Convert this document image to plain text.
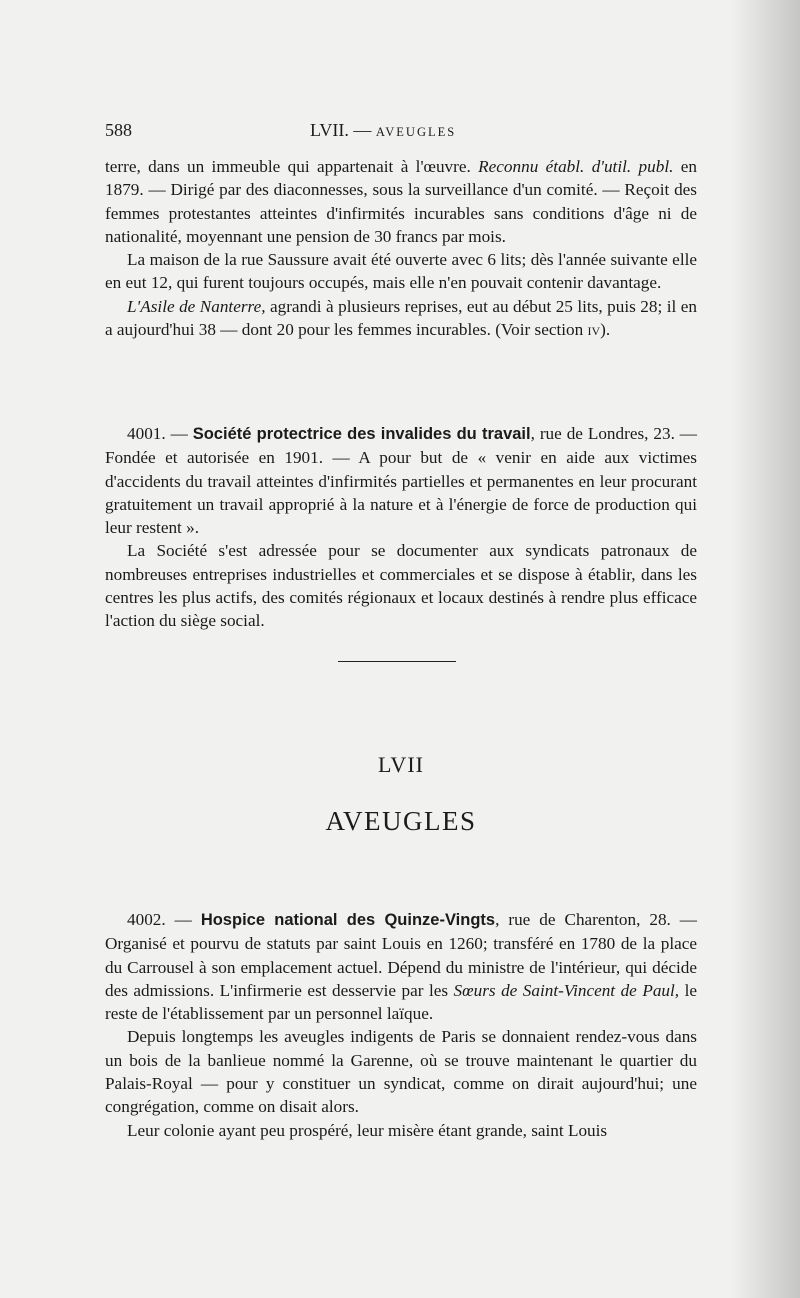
588	LVII. — AVEUGLES

terre, dans un immeuble qui appartenait à l'œuvre. Reconnu établ. d'util. publ. en 1879. — Dirigé par des diaconnesses, sous la surveillance d'un comité. — Reçoit des femmes protestantes atteintes d'infirmités incurables sans conditions d'âge ni de nationalité, moyennant une pension de 30 francs par mois.

La maison de la rue Saussure avait été ouverte avec 6 lits; dès l'année suivante elle en eut 12, qui furent toujours occupés, mais elle n'en pouvait contenir davantage.

L'Asile de Nanterre, agrandi à plusieurs reprises, eut au début 25 lits, puis 28; il en a aujourd'hui 38 — dont 20 pour les femmes incurables. (Voir section iv).

4001. — Société protectrice des invalides du travail, rue de Londres, 23. — Fondée et autorisée en 1901. — A pour but de « venir en aide aux victimes d'accidents du travail atteintes d'infirmités partielles et permanentes en leur procurant gratuitement un travail approprié à la nature et à l'énergie de force de production qui leur restent ».

La Société s'est adressée pour se documenter aux syndicats patronaux de nombreuses entreprises industrielles et commerciales et se dispose à établir, dans les centres les plus actifs, des comités régionaux et locaux destinés à rendre plus efficace l'action du siège social.

LVII
AVEUGLES

4002. — Hospice national des Quinze-Vingts, rue de Charenton, 28. — Organisé et pourvu de statuts par saint Louis en 1260; transféré en 1780 de la place du Carrousel à son emplacement actuel. Dépend du ministre de l'intérieur, qui décide des admissions. L'infirmerie est desservie par les Sœurs de Saint-Vincent de Paul, le reste de l'établissement par un personnel laïque.

Depuis longtemps les aveugles indigents de Paris se donnaient rendez-vous dans un bois de la banlieue nommé la Garenne, où se trouve maintenant le quartier du Palais-Royal — pour y constituer un syndicat, comme on dirait aujourd'hui; une congrégation, comme on disait alors.

Leur colonie ayant peu prospéré, leur misère étant grande, saint Louis
